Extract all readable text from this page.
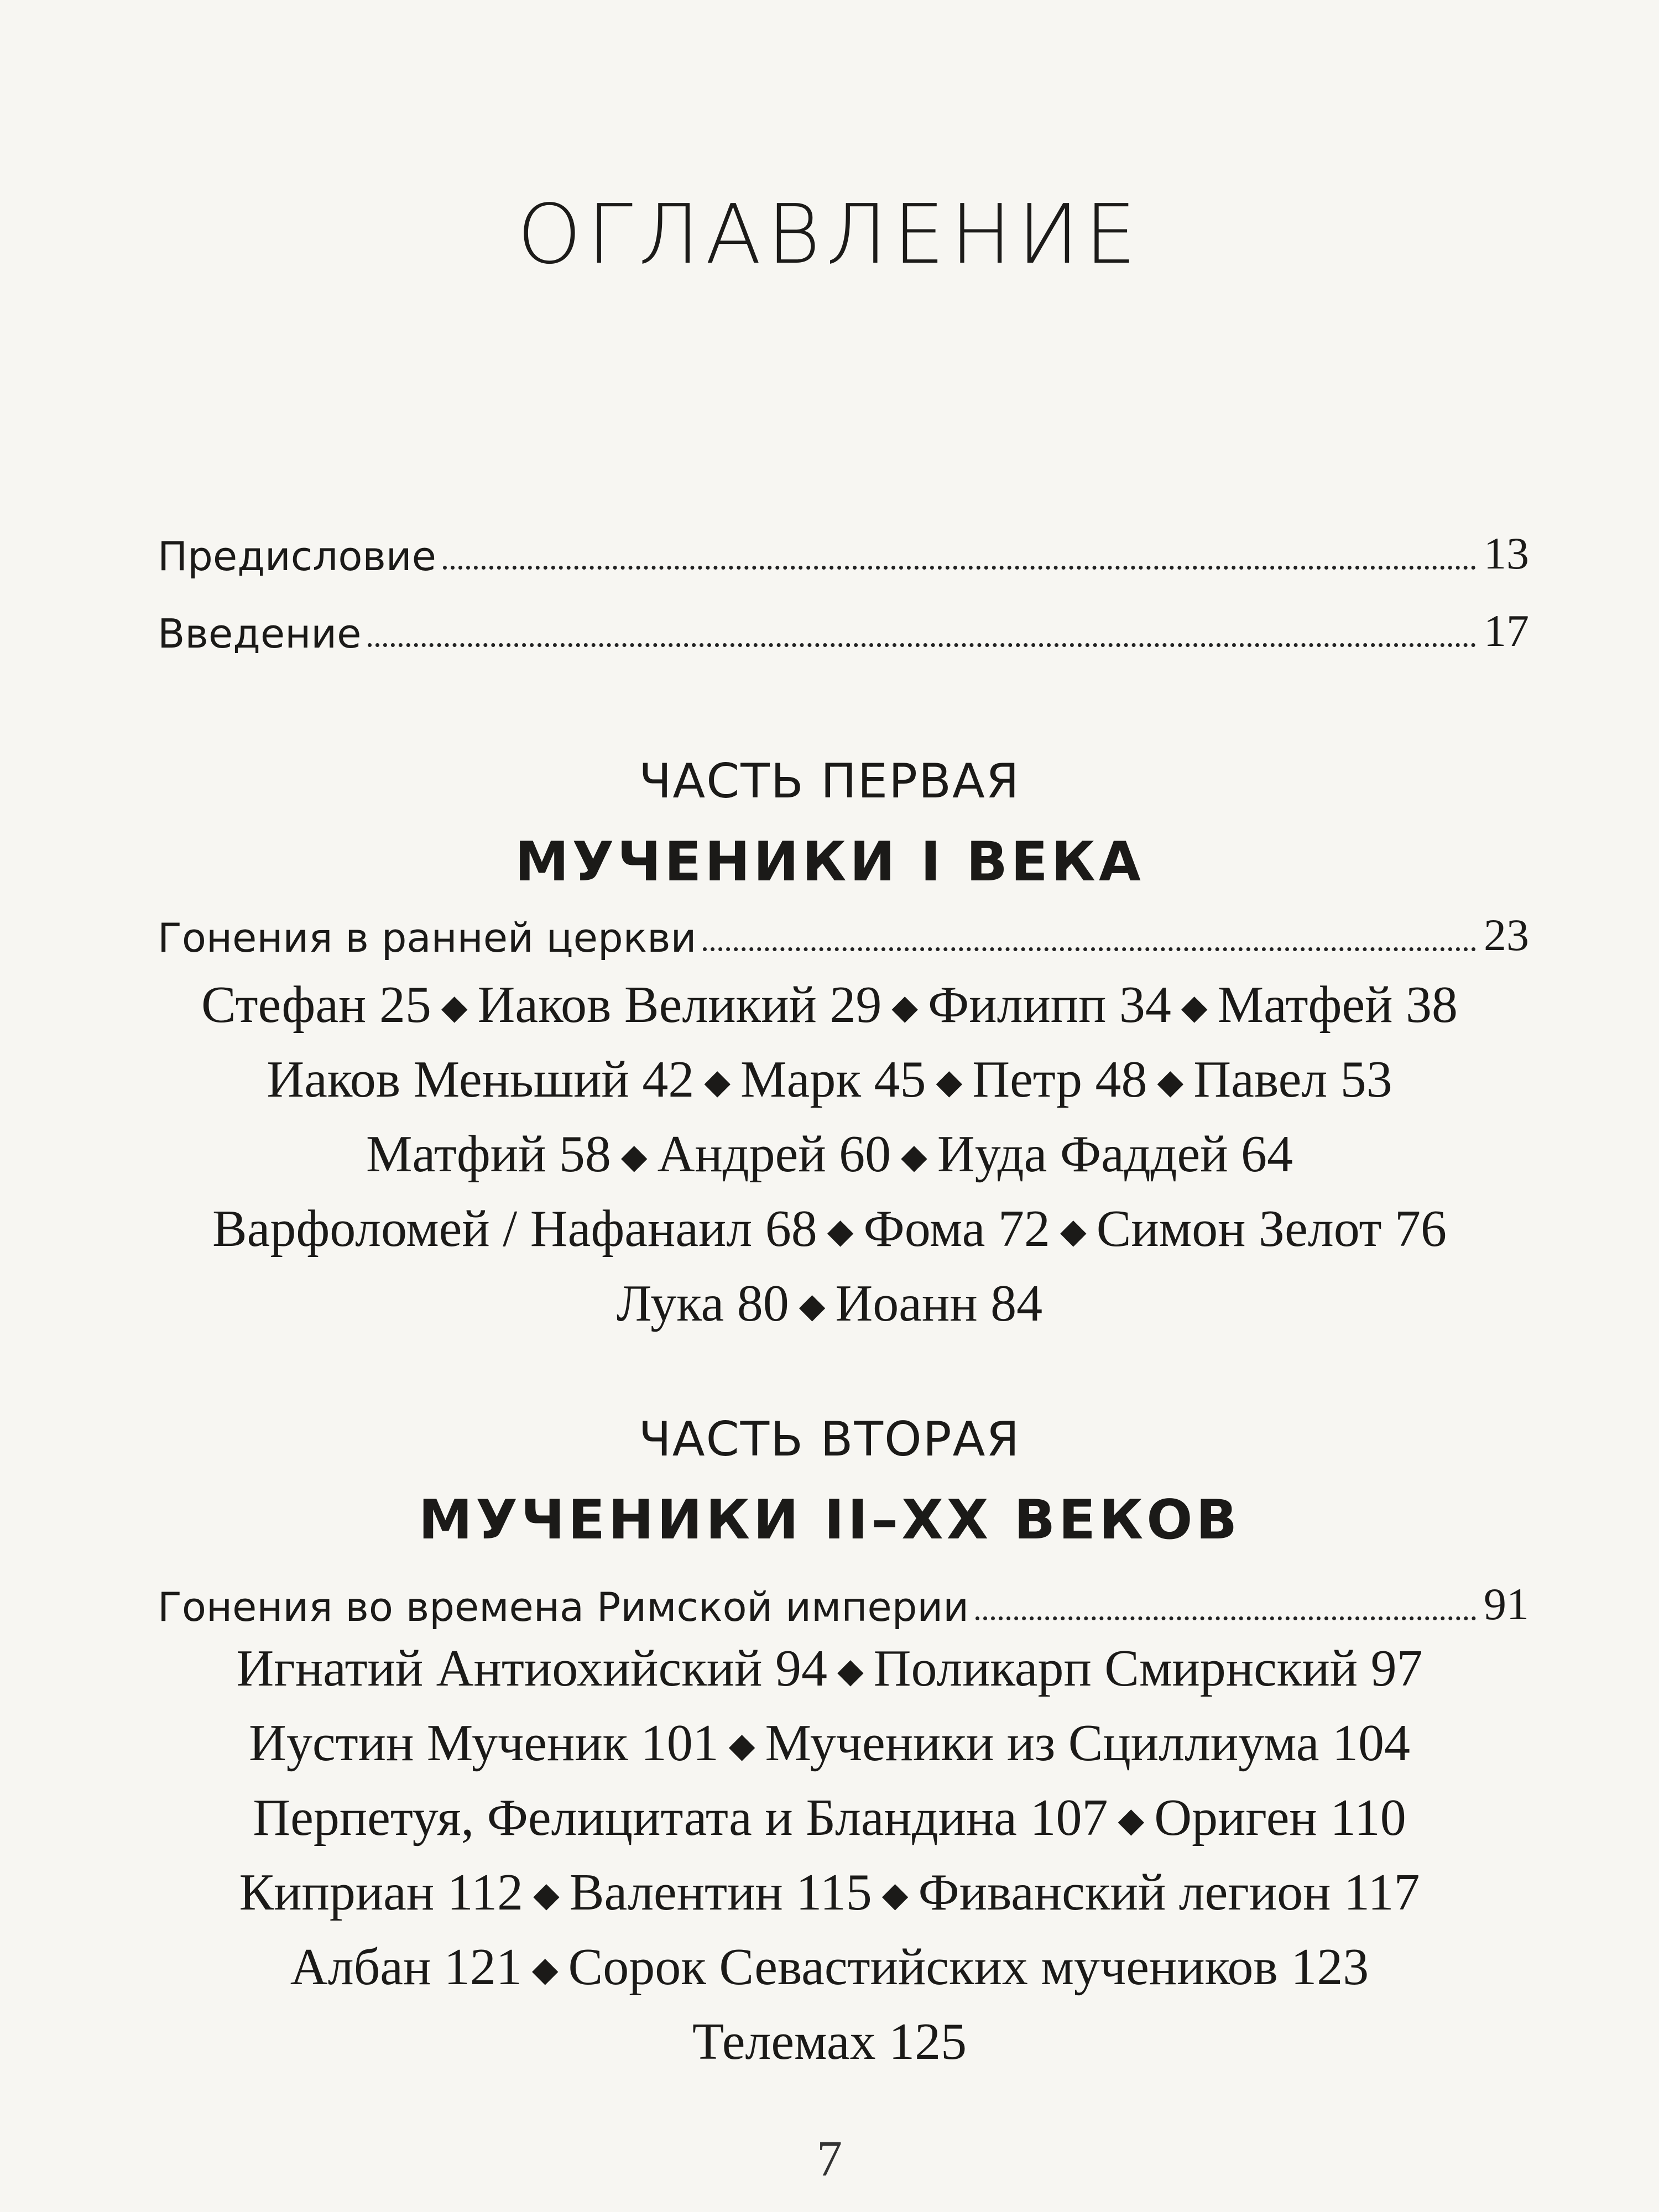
ОГЛАВЛЕНИЕ
Предисловие	13
Введение	17
ЧАСТЬ ПЕРВАЯ
МУЧЕНИКИ I ВЕКА
Гонения в ранней церкви	23
Стефан 25 ◆ Иаков Великий 29 ◆ Филипп 34 ◆ Матфей 38
Иаков Меньший 42 ◆ Марк 45 ◆ Петр 48 ◆ Павел 53
Матфий 58 ◆ Андрей 60 ◆ Иуда Фаддей 64
Варфоломей / Нафанаил 68 ◆ Фома 72 ◆ Симон Зелот 76
Лука 80 ◆ Иоанн 84
ЧАСТЬ ВТОРАЯ
МУЧЕНИКИ II–XX ВЕКОВ
Гонения во времена Римской империи	91
Игнатий Антиохийский 94 ◆ Поликарп Смирнский 97
Иустин Мученик 101 ◆ Мученики из Сциллиума 104
Перпетуя, Фелицитата и Бландина 107 ◆ Ориген 110
Киприан 112 ◆ Валентин 115 ◆ Фиванский легион 117
Албан 121 ◆ Сорок Севастийских мучеников 123
Телемах 125
7
